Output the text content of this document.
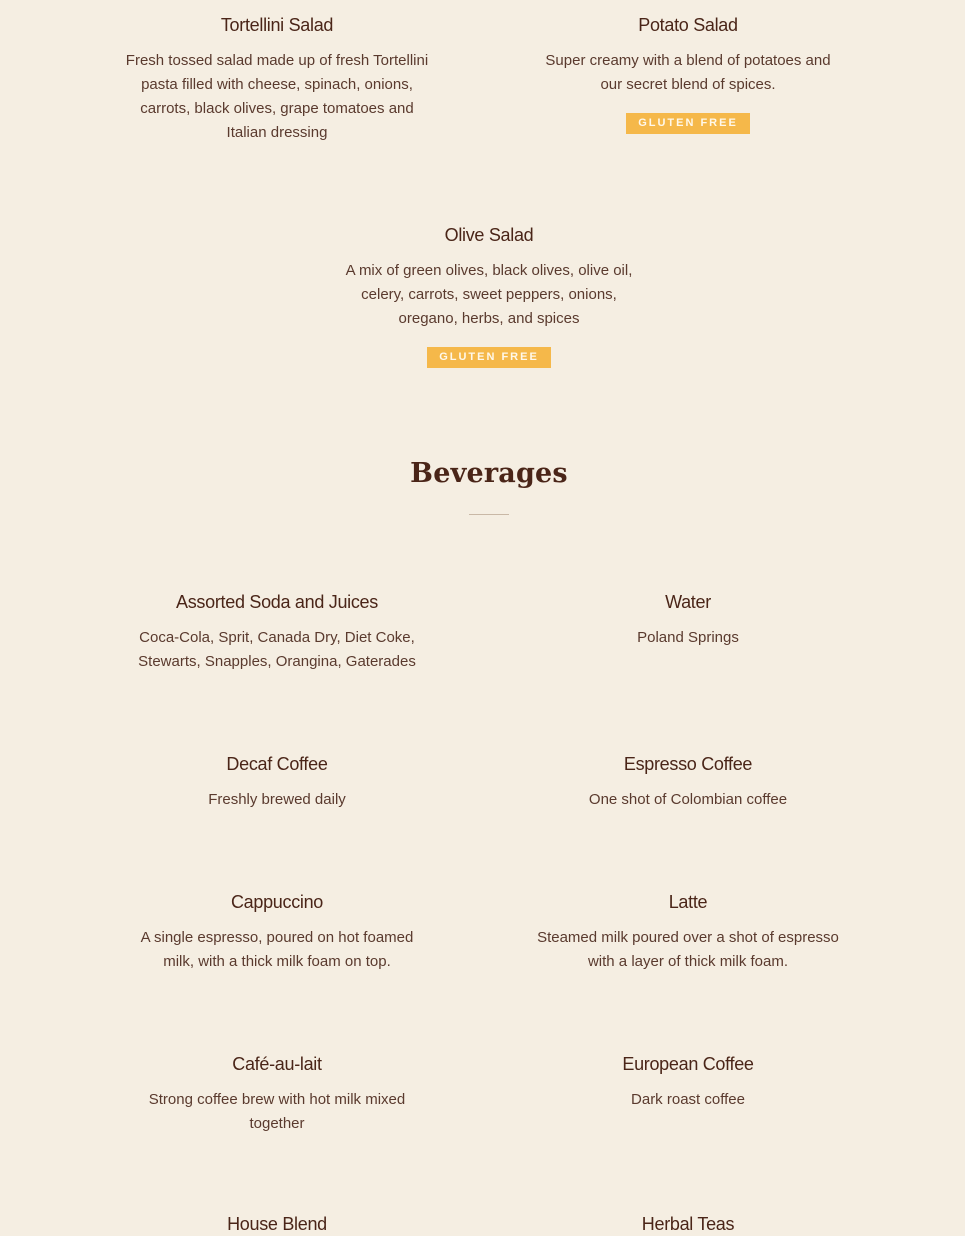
Tortellini Salad
Fresh tossed salad made up of fresh Tortellini pasta filled with cheese, spinach, onions, carrots, black olives, grape tomatoes and Italian dressing
Potato Salad
Super creamy with a blend of potatoes and our secret blend of spices.
GLUTEN FREE
Olive Salad
A mix of green olives, black olives, olive oil, celery, carrots, sweet peppers, onions, oregano, herbs, and spices
GLUTEN FREE
Beverages
Assorted Soda and Juices
Coca-Cola, Sprit, Canada Dry, Diet Coke, Stewarts, Snapples, Orangina, Gaterades
Water
Poland Springs
Decaf Coffee
Freshly brewed daily
Espresso Coffee
One shot of Colombian coffee
Cappuccino
A single espresso, poured on hot foamed milk, with a thick milk foam on top.
Latte
Steamed milk poured over a shot of espresso with a layer of thick milk foam.
Café-au-lait
Strong coffee brew with hot milk mixed together
European Coffee
Dark roast coffee
House Blend	Herbal Teas
